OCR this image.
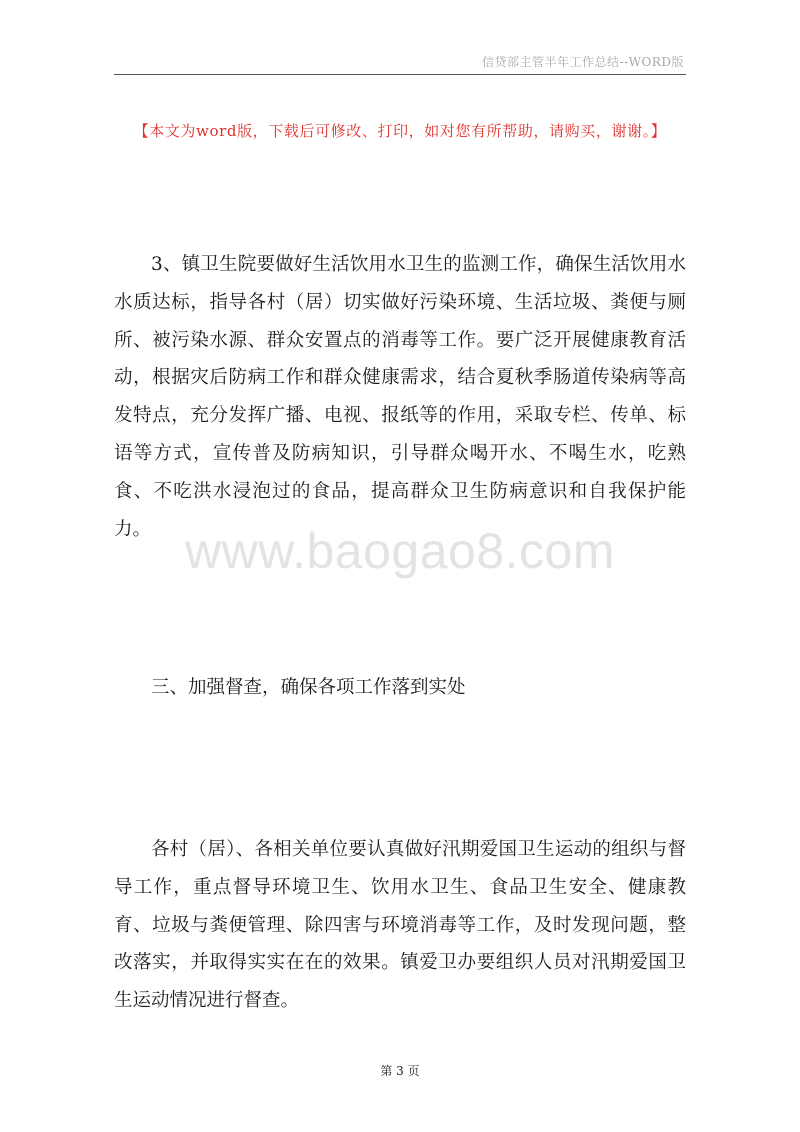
信贷部主管半年工作总结--WORD版
【本文为word版，下载后可修改、打印，如对您有所帮助，请购买，谢谢。】

3、镇卫生院要做好生活饮用水卫生的监测工作，确保生活饮用水水质达标，指导各村（居）切实做好污染环境、生活垃圾、粪便与厕所、被污染水源、群众安置点的消毒等工作。要广泛开展健康教育活动，根据灾后防病工作和群众健康需求，结合夏秋季肠道传染病等高发特点，充分发挥广播、电视、报纸等的作用，采取专栏、传单、标语等方式，宣传普及防病知识，引导群众喝开水、不喝生水，吃熟食、不吃洪水浸泡过的食品，提高群众卫生防病意识和自我保护能力。 www.baogao8.com

三、加强督查，确保各项工作落到实处

各村（居）、各相关单位要认真做好汛期爱国卫生运动的组织与督导工作，重点督导环境卫生、饮用水卫生、食品卫生安全、健康教育、垃圾与粪便管理、除四害与环境消毒等工作，及时发现问题，整改落实，并取得实实在在的效果。镇爱卫办要组织人员对汛期爱国卫生运动情况进行督查。

第 3 页
